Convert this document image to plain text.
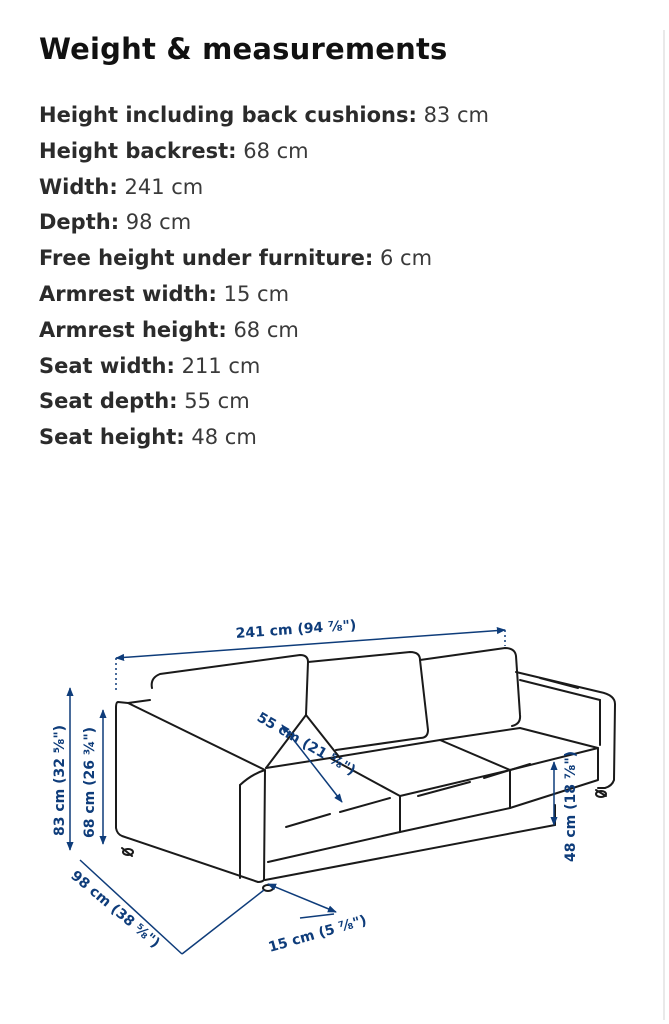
Weight & measurements
Height including back cushions: 83 cm
Height backrest: 68 cm
Width: 241 cm
Depth: 98 cm
Free height under furniture: 6 cm
Armrest width: 15 cm
Armrest height: 68 cm
Seat width: 211 cm
Seat depth: 55 cm
Seat height: 48 cm
241 cm (94 ⅞")
83 cm (32 ⅝") 68 cm (26 ¾")
98 cm (38 ⅝")
55 cm (21 ⅝")
15 cm (5 ⅞")
48 cm (18 ⅞")
